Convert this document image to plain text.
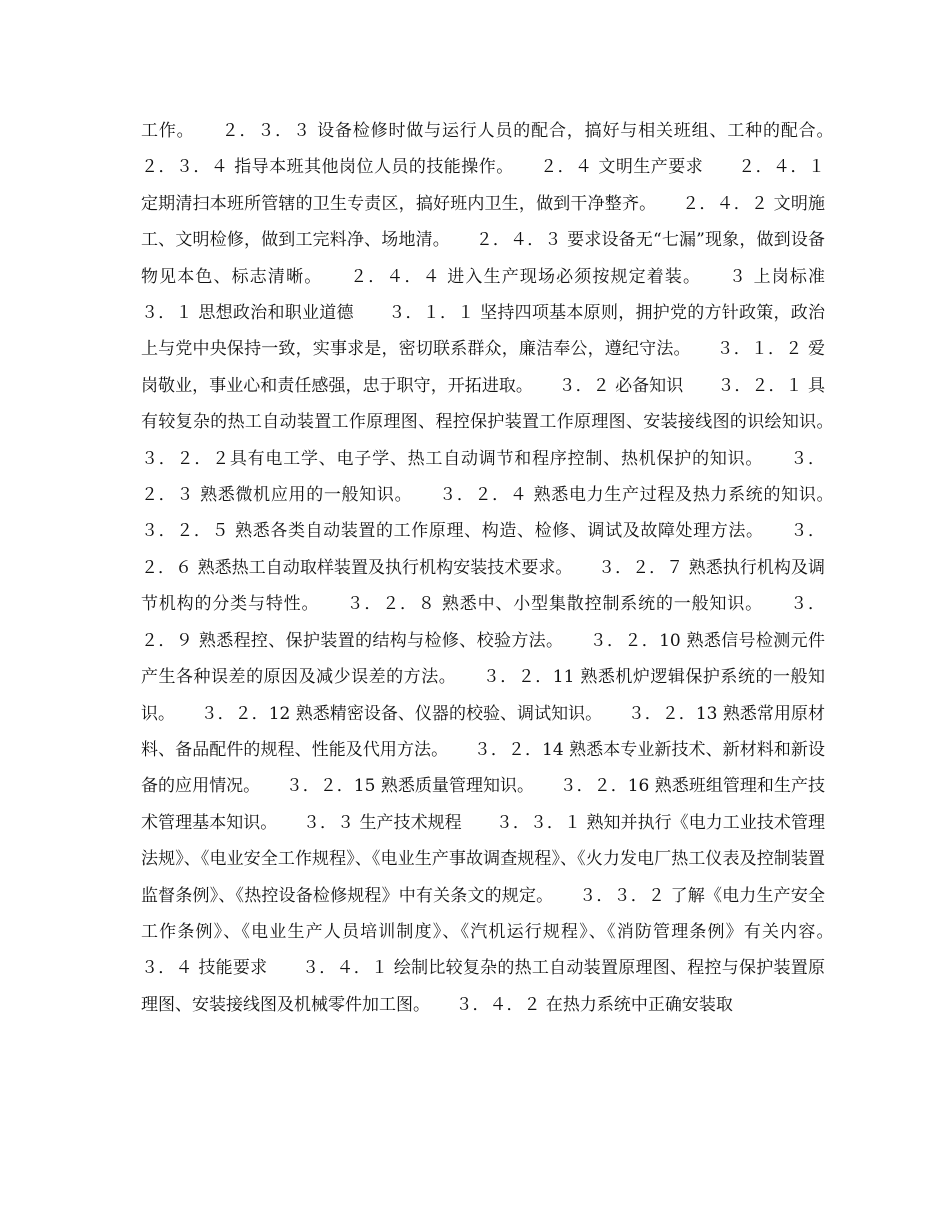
工作。　　２．３．３ 设备检修时做与运行人员的配合，搞好与相关班组、工种的配合。　　２．３．４ 指导本班其他岗位人员的技能操作。　　２．４ 文明生产要求　　２．４．１ 定期清扫本班所管辖的卫生专责区，搞好班内卫生，做到干净整齐。　　２．４．２ 文明施工、文明检修，做到工完料净、场地清。　　２．４．３ 要求设备无“七漏”现象，做到设备物见本色、标志清晰。　　２．４．４ 进入生产现场必须按规定着装。　　３ 上岗标准　　３．１ 思想政治和职业道德　　３．１．１ 坚持四项基本原则，拥护党的方针政策，政治上与党中央保持一致，实事求是，密切联系群众，廉洁奉公，遵纪守法。　　３．１．２ 爱岗敬业，事业心和责任感强，忠于职守，开拓进取。　　３．２ 必备知识　　３．２．１ 具有较复杂的热工自动装置工作原理图、程控保护装置工作原理图、安装接线图的识绘知识。　　３．２．２具有电工学、电子学、热工自动调节和程序控制、热机保护的知识。　　３．２．３ 熟悉微机应用的一般知识。　　３．２．４ 熟悉电力生产过程及热力系统的知识。　　３．２．５ 熟悉各类自动装置的工作原理、构造、检修、调试及故障处理方法。　　３．２．６ 熟悉热工自动取样装置及执行机构安装技术要求。　　３．２．７ 熟悉执行机构及调节机构的分类与特性。　　３．２．８ 熟悉中、小型集散控制系统的一般知识。　　３．２．９ 熟悉程控、保护装置的结构与检修、校验方法。　　３．２．10 熟悉信号检测元件产生各种误差的原因及减少误差的方法。　　３．２．11 熟悉机炉逻辑保护系统的一般知识。　　３．２．12 熟悉精密设备、仪器的校验、调试知识。　　３．２．13 熟悉常用原材料、备品配件的规程、性能及代用方法。　　３．２．14 熟悉本专业新技术、新材料和新设备的应用情况。　　３．２．15 熟悉质量管理知识。　　３．２．16 熟悉班组管理和生产技术管理基本知识。　　３．３ 生产技术规程　　３．３．１ 熟知并执行《电力工业技术管理法规》、《电业安全工作规程》、《电业生产事故调查规程》、《火力发电厂热工仪表及控制装置监督条例》、《热控设备检修规程》中有关条文的规定。　　３．３．２ 了解《电力生产安全工作条例》、《电业生产人员培训制度》、《汽机运行规程》、《消防管理条例》有关内容。　　３．４ 技能要求　　３．４．１ 绘制比较复杂的热工自动装置原理图、程控与保护装置原理图、安装接线图及机械零件加工图。　　３．４．２ 在热力系统中正确安装取
